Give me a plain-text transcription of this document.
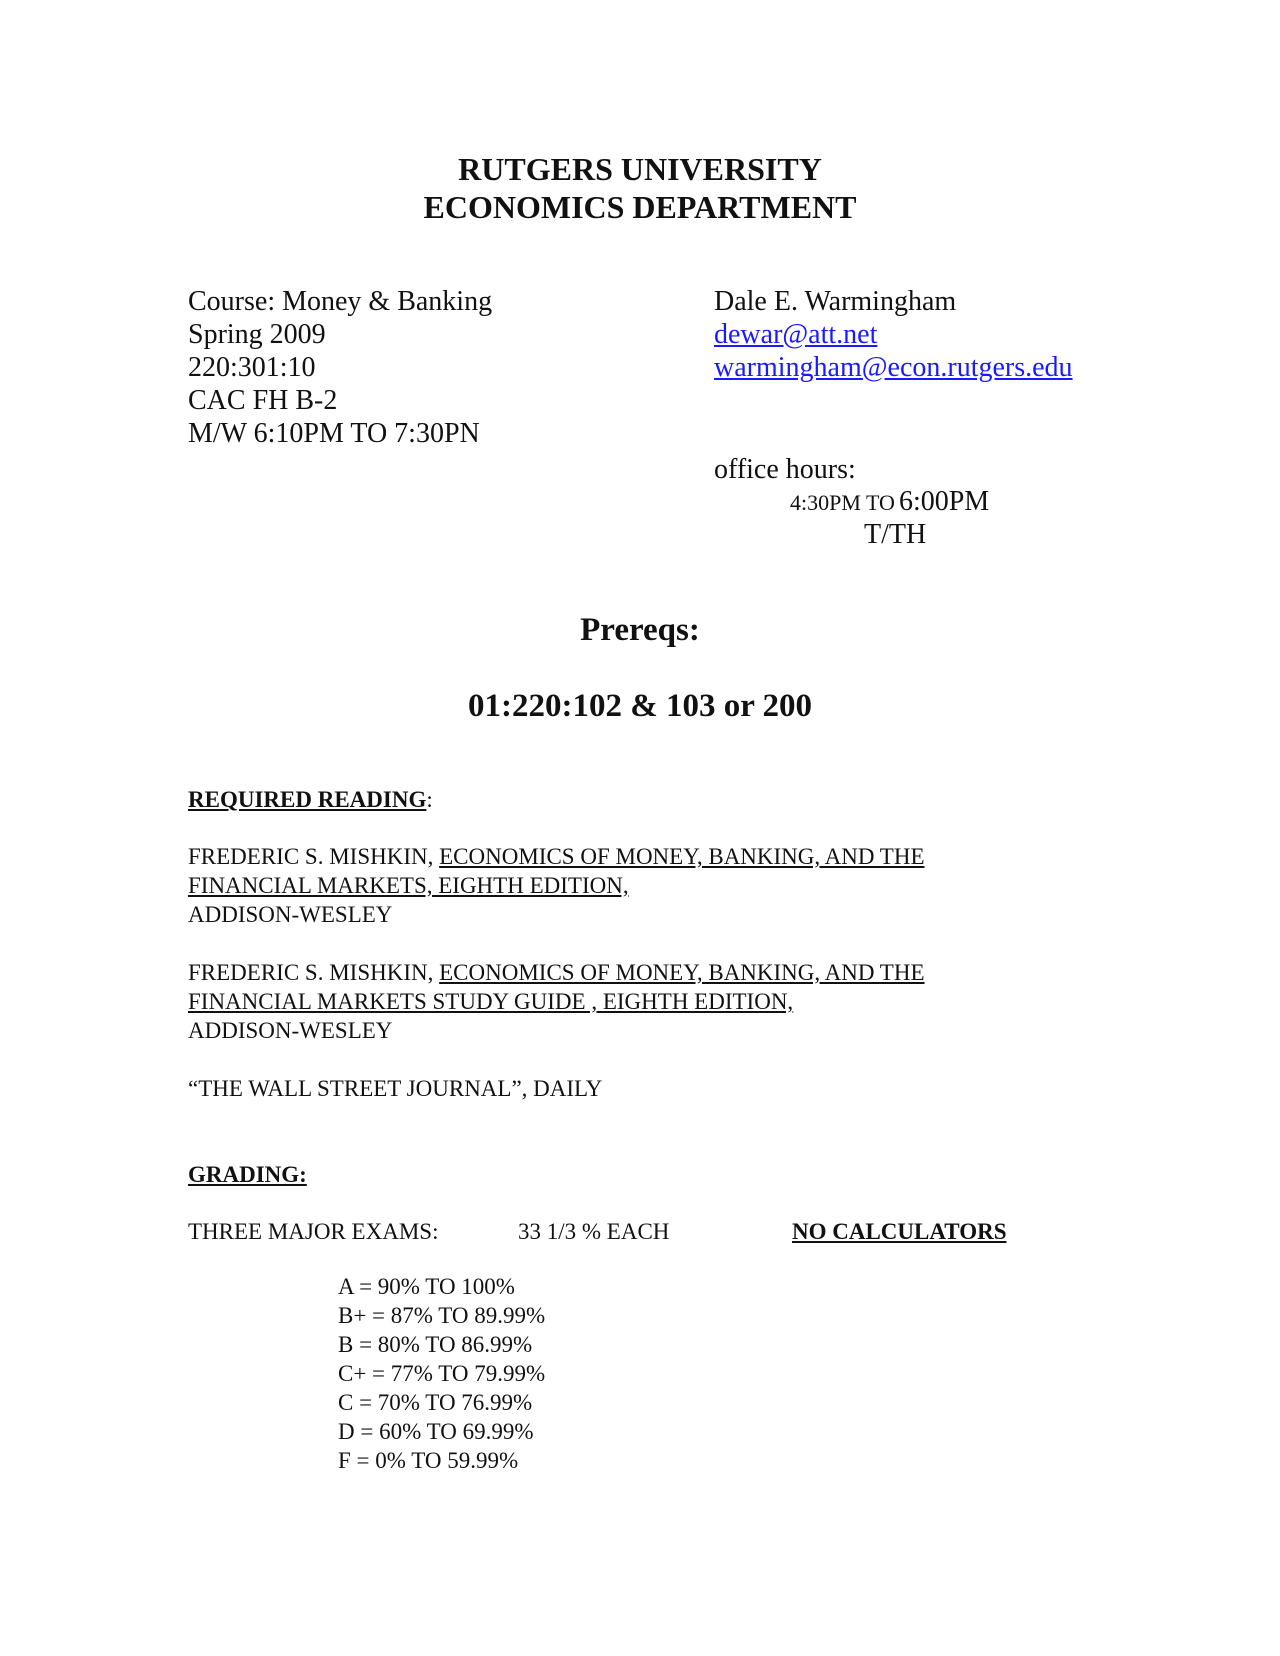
RUTGERS UNIVERSITY
ECONOMICS DEPARTMENT
Course: Money & Banking
Spring 2009
220:301:10
CAC FH B-2
M/W 6:10PM TO 7:30PN
Dale E. Warmingham
dewar@att.net
warmingham@econ.rutgers.edu
office hours:
4:30PM TO 6:00PM
T/TH
Prereqs:
01:220:102 & 103 or 200
REQUIRED READING:
FREDERIC S. MISHKIN, ECONOMICS OF MONEY, BANKING, AND THE
FINANCIAL MARKETS, EIGHTH EDITION,
ADDISON-WESLEY
FREDERIC S. MISHKIN, ECONOMICS OF MONEY, BANKING, AND THE
FINANCIAL MARKETS STUDY GUIDE , EIGHTH EDITION,
ADDISON-WESLEY
“THE WALL STREET JOURNAL”, DAILY
GRADING:
THREE MAJOR EXAMS:	33 1/3 % EACH	NO CALCULATORS
A = 90% TO 100%
B+ = 87% TO 89.99%
B = 80% TO 86.99%
C+ = 77% TO 79.99%
C = 70% TO 76.99%
D = 60% TO 69.99%
F = 0% TO 59.99%
